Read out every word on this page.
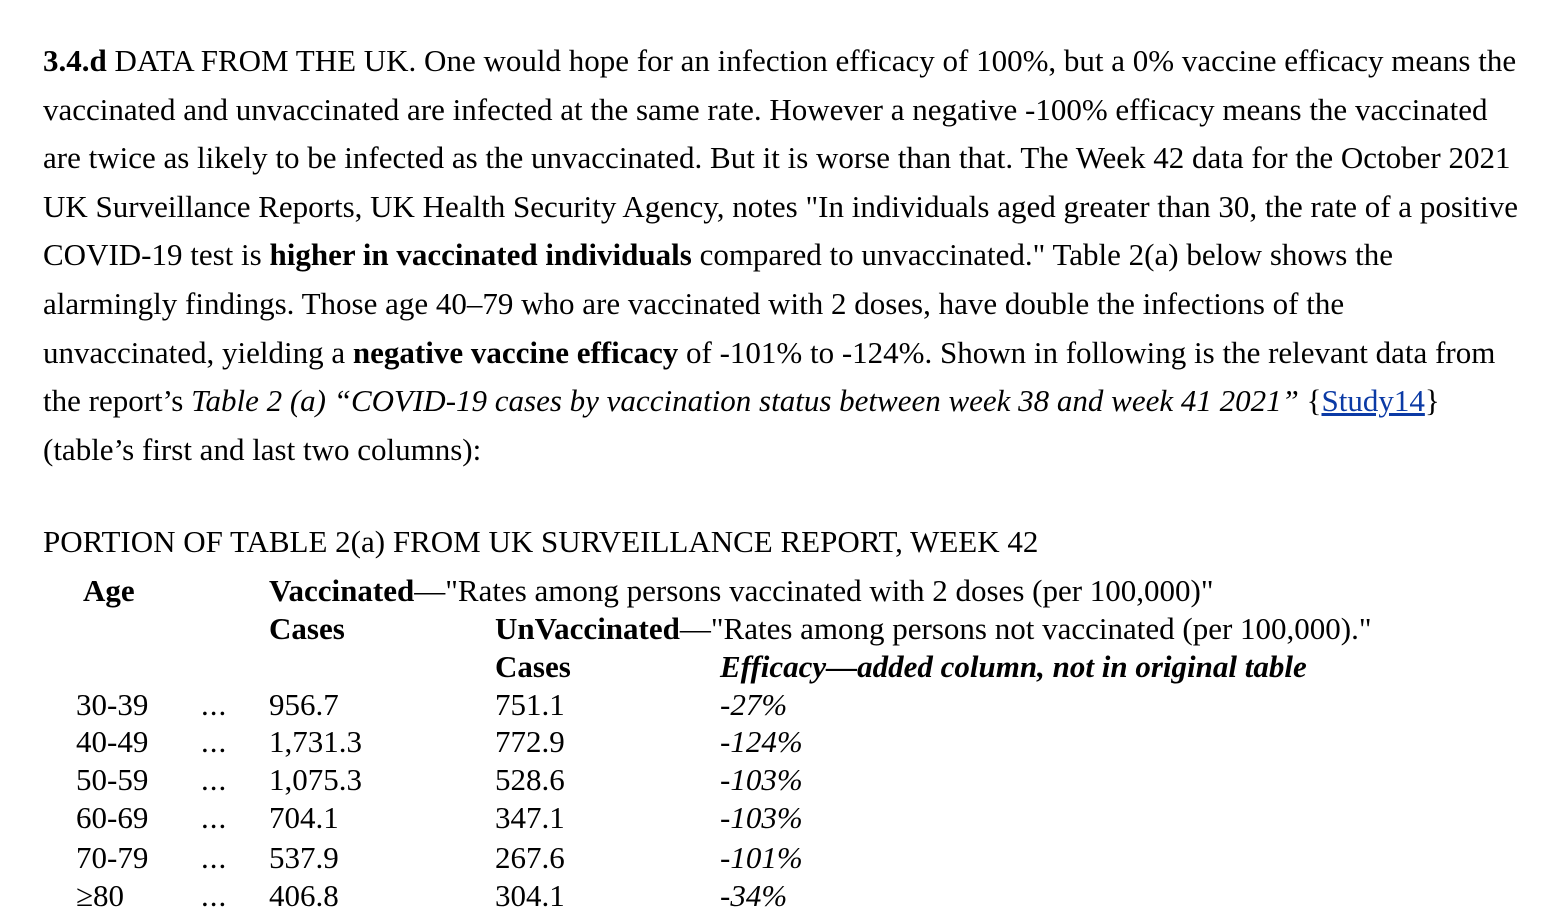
3.4.d DATA FROM THE UK. One would hope for an infection efficacy of 100%, but a 0% vaccine efficacy means the vaccinated and unvaccinated are infected at the same rate. However a negative -100% efficacy means the vaccinated are twice as likely to be infected as the unvaccinated. But it is worse than that. The Week 42 data for the October 2021 UK Surveillance Reports, UK Health Security Agency, notes "In individuals aged greater than 30, the rate of a positive COVID-19 test is higher in vaccinated individuals compared to unvaccinated." Table 2(a) below shows the alarmingly findings. Those age 40–79 who are vaccinated with 2 doses, have double the infections of the unvaccinated, yielding a negative vaccine efficacy of -101% to -124%. Shown in following is the relevant data from the report’s Table 2 (a) “COVID-19 cases by vaccination status between week 38 and week 41 2021” {Study14} (table’s first and last two columns):

PORTION OF TABLE 2(a) FROM UK SURVEILLANCE REPORT, WEEK 42
Age	Vaccinated—"Rates among persons vaccinated with 2 doses (per 100,000)"
Cases	UnVaccinated—"Rates among persons not vaccinated (per 100,000)."
Cases	Efficacy—added column, not in original table
30-39 ... 956.7	751.1	-27%
40-49 ... 1,731.3	772.9	-124%
50-59 ... 1,075.3	528.6	-103%
60-69 ... 704.1	347.1	-103%
70-79 ... 537.9	267.6	-101%
≥80 ... 406.8	304.1	-34%
